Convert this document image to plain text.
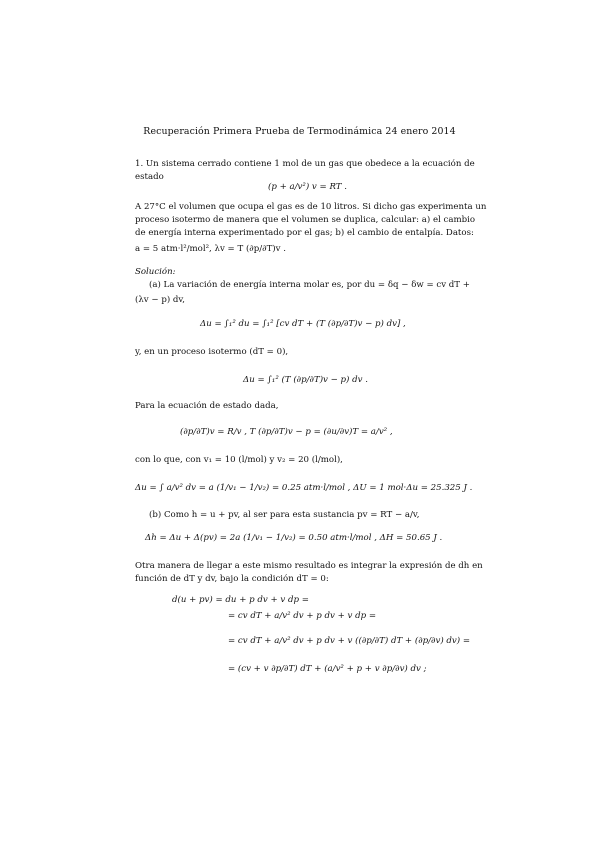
Recuperación Primera Prueba de Termodinámica 24 enero 2014
1. Un sistema cerrado contiene 1 mol de un gas que obedece a la ecuación de
estado
(p + a/v²) v = RT .
A 27°C el volumen que ocupa el gas es de 10 litros. Si dicho gas experimenta un
proceso isotermo de manera que el volumen se duplica, calcular: a) el cambio
de energía interna experimentado por el gas; b) el cambio de entalpía. Datos:
a = 5 atm·l²/mol², λv = T (∂p/∂T)v .
Solución:
(a) La variación de energía interna molar es, por du = δq − δw = cv dT +
(λv − p) dv,
Δu = ∫₁² du = ∫₁² [cv dT + (T (∂p/∂T)v − p) dv] ,
y, en un proceso isotermo (dT = 0),
Δu = ∫₁² (T (∂p/∂T)v − p) dv .
Para la ecuación de estado dada,
(∂p/∂T)v = R/v , T (∂p/∂T)v − p = (∂u/∂v)T = a/v² ,
con lo que, con v₁ = 10 (l/mol) y v₂ = 20 (l/mol),
Δu = ∫ a/v² dv = a (1/v₁ − 1/v₂) = 0.25 atm·l/mol , ΔU = 1 mol·Δu = 25.325 J .
(b) Como h = u + pv, al ser para esta sustancia pv = RT − a/v,
Δh = Δu + Δ(pv) = 2a (1/v₁ − 1/v₂) = 0.50 atm·l/mol , ΔH = 50.65 J .
Otra manera de llegar a este mismo resultado es integrar la expresión de dh en
función de dT y dv, bajo la condición dT = 0:
d(u + pv) = du + p dv + v dp =
= cv dT + a/v² dv + p dv + v dp =
= cv dT + a/v² dv + p dv + v ((∂p/∂T) dT + (∂p/∂v) dv) =
= (cv + v ∂p/∂T) dT + (a/v² + p + v ∂p/∂v) dv ;
